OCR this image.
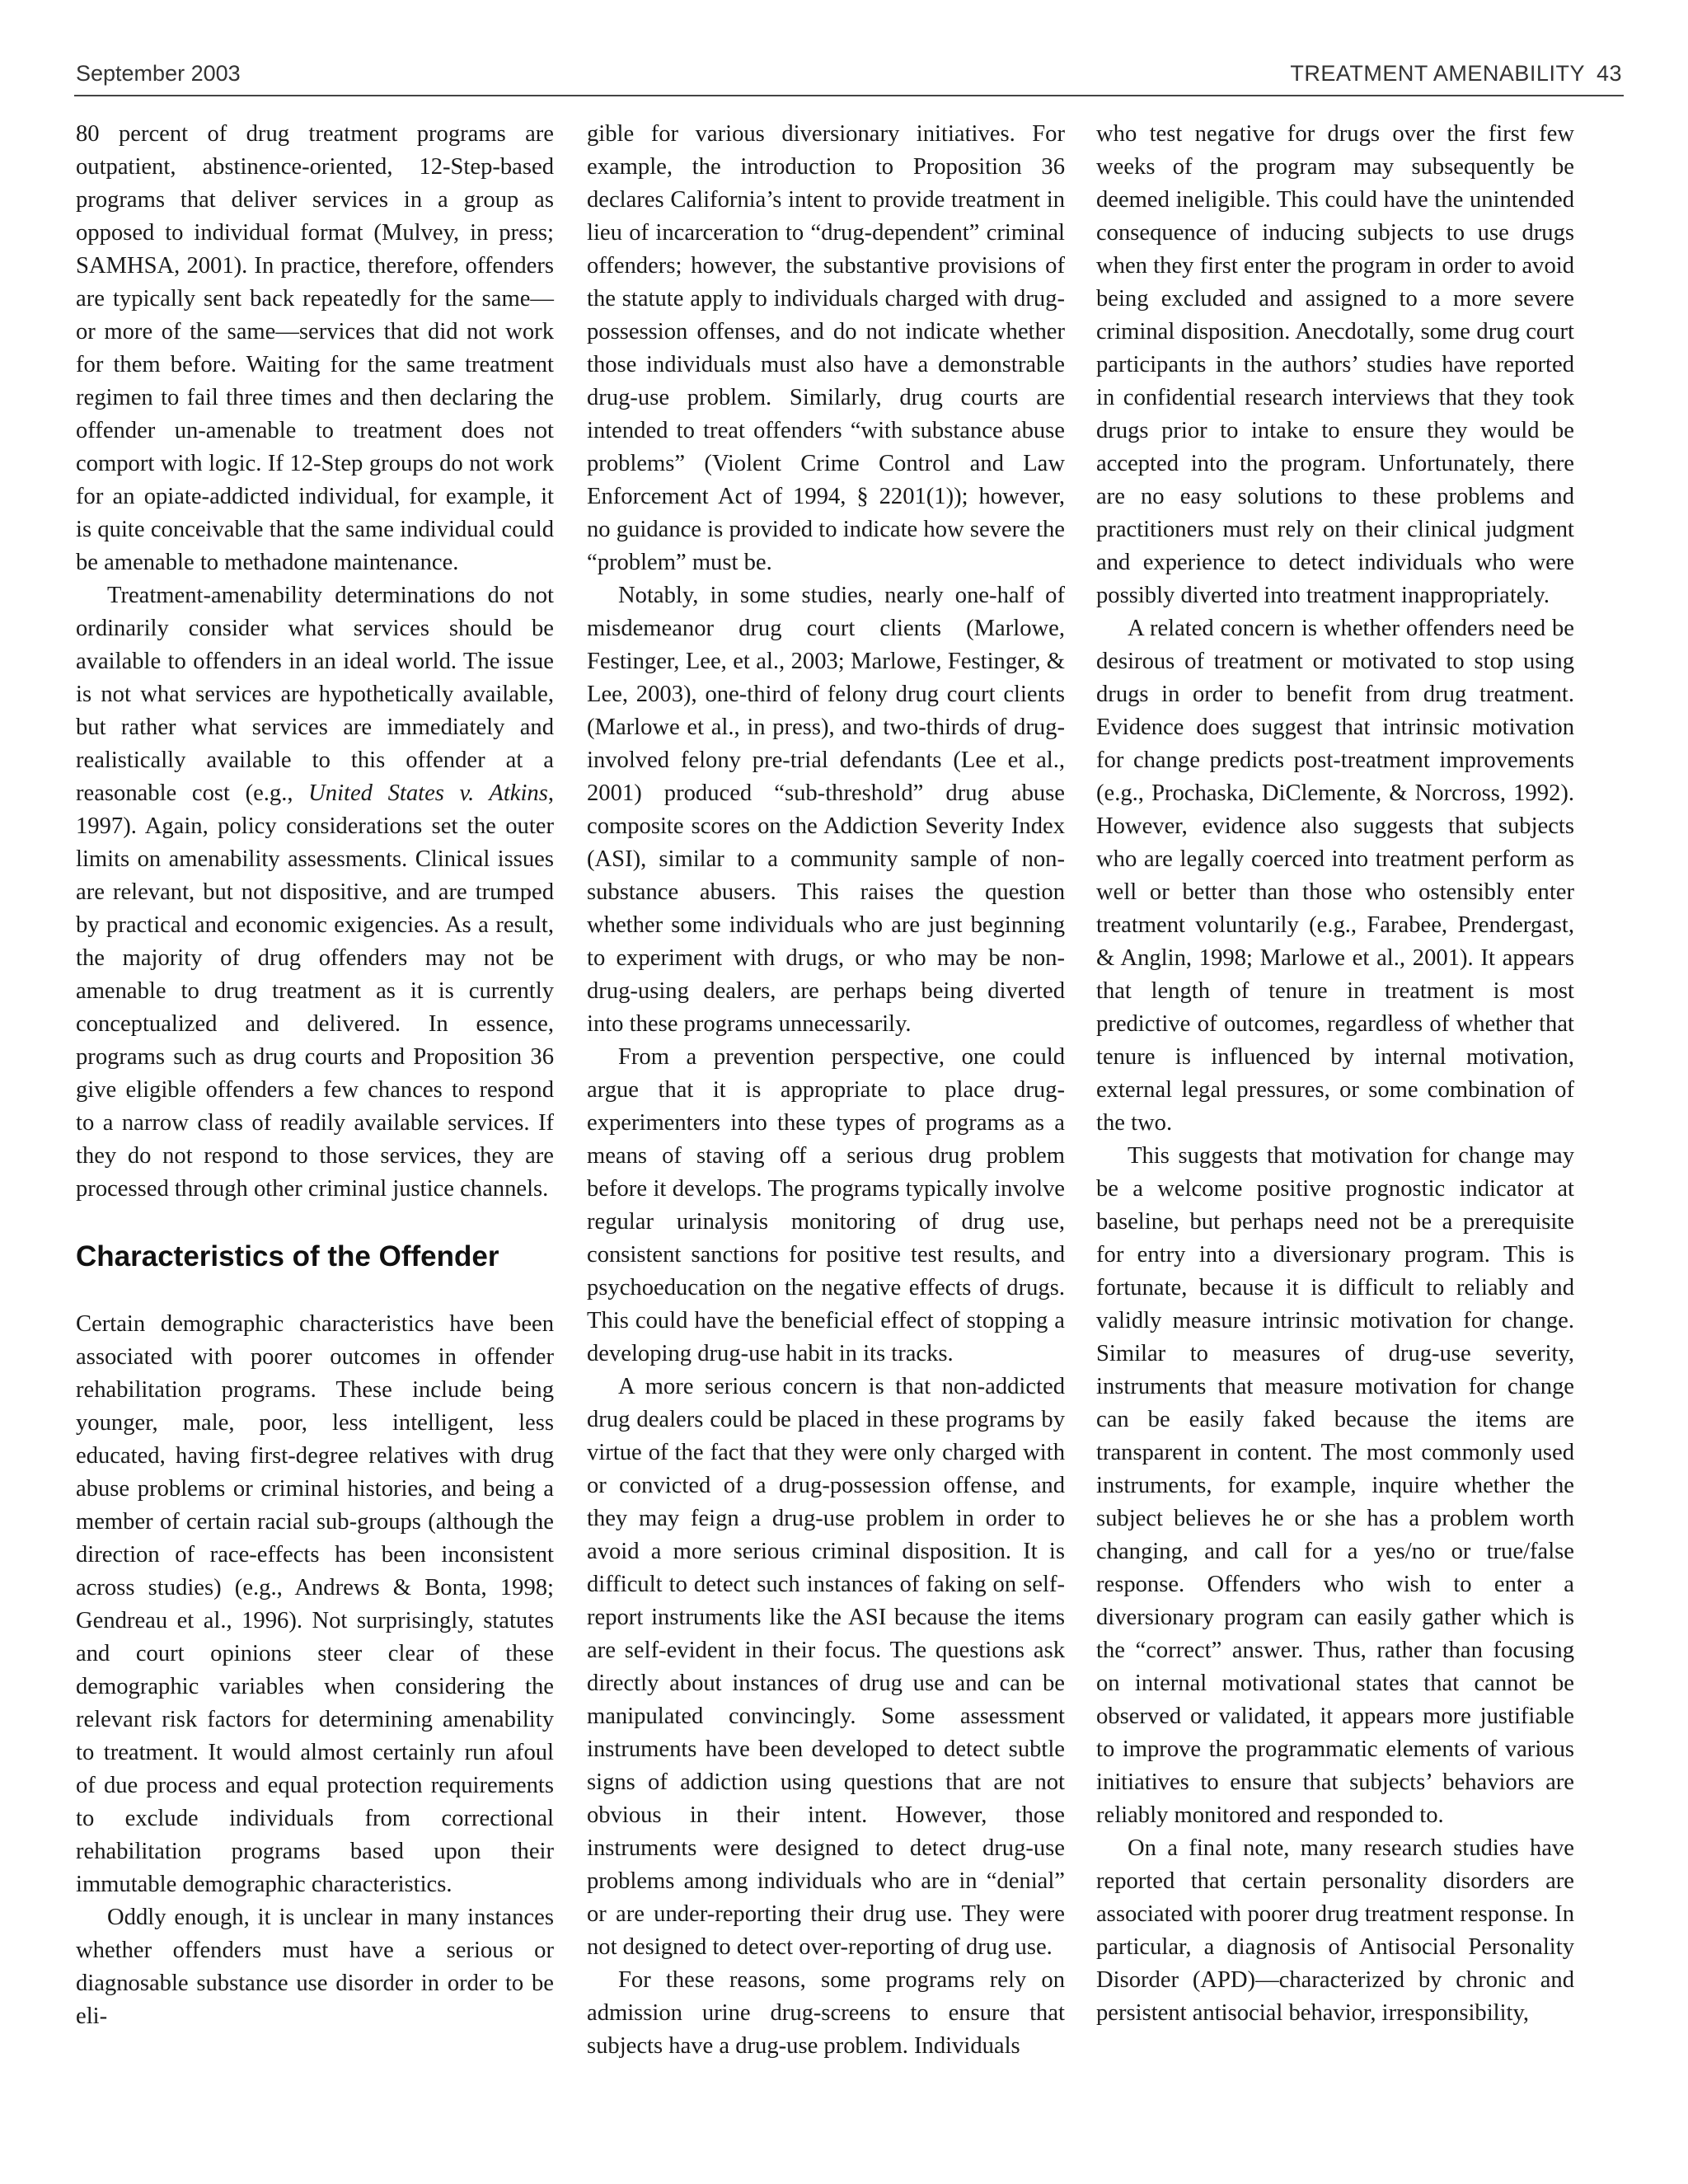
September 2003	TREATMENT AMENABILITY 43

80 percent of drug treatment programs are outpatient, abstinence-oriented, 12-Step-based programs that deliver services in a group as opposed to individual format (Mulvey, in press; SAMHSA, 2001). In practice, therefore, offenders are typically sent back repeatedly for the same—or more of the same—services that did not work for them before. Waiting for the same treatment regimen to fail three times and then declaring the offender un-amenable to treatment does not comport with logic. If 12-Step groups do not work for an opiate-addicted individual, for example, it is quite conceivable that the same individual could be amenable to methadone maintenance.

Treatment-amenability determinations do not ordinarily consider what services should be available to offenders in an ideal world. The issue is not what services are hypothetically available, but rather what services are immediately and realistically available to this offender at a reasonable cost (e.g., United States v. Atkins, 1997). Again, policy considerations set the outer limits on amenability assessments. Clinical issues are relevant, but not dispositive, and are trumped by practical and economic exigencies. As a result, the majority of drug offenders may not be amenable to drug treatment as it is currently conceptualized and delivered. In essence, programs such as drug courts and Proposition 36 give eligible offenders a few chances to respond to a narrow class of readily available services. If they do not respond to those services, they are processed through other criminal justice channels.

Characteristics of the Offender

Certain demographic characteristics have been associated with poorer outcomes in offender rehabilitation programs. These include being younger, male, poor, less intelligent, less educated, having first-degree relatives with drug abuse problems or criminal histories, and being a member of certain racial sub-groups (although the direction of race-effects has been inconsistent across studies) (e.g., Andrews & Bonta, 1998; Gendreau et al., 1996). Not surprisingly, statutes and court opinions steer clear of these demographic variables when considering the relevant risk factors for determining amenability to treatment. It would almost certainly run afoul of due process and equal protection requirements to exclude individuals from correctional rehabilitation programs based upon their immutable demographic characteristics.

Oddly enough, it is unclear in many instances whether offenders must have a serious or diagnosable substance use disorder in order to be eli-

gible for various diversionary initiatives. For example, the introduction to Proposition 36 declares California’s intent to provide treatment in lieu of incarceration to “drug-dependent” criminal offenders; however, the substantive provisions of the statute apply to individuals charged with drug-possession offenses, and do not indicate whether those individuals must also have a demonstrable drug-use problem. Similarly, drug courts are intended to treat offenders “with substance abuse problems” (Violent Crime Control and Law Enforcement Act of 1994, § 2201(1)); however, no guidance is provided to indicate how severe the “problem” must be.

Notably, in some studies, nearly one-half of misdemeanor drug court clients (Marlowe, Festinger, Lee, et al., 2003; Marlowe, Festinger, & Lee, 2003), one-third of felony drug court clients (Marlowe et al., in press), and two-thirds of drug-involved felony pre-trial defendants (Lee et al., 2001) produced “sub-threshold” drug abuse composite scores on the Addiction Severity Index (ASI), similar to a community sample of non-substance abusers. This raises the question whether some individuals who are just beginning to experiment with drugs, or who may be non-drug-using dealers, are perhaps being diverted into these programs unnecessarily.

From a prevention perspective, one could argue that it is appropriate to place drug-experimenters into these types of programs as a means of staving off a serious drug problem before it develops. The programs typically involve regular urinalysis monitoring of drug use, consistent sanctions for positive test results, and psychoeducation on the negative effects of drugs. This could have the beneficial effect of stopping a developing drug-use habit in its tracks.

A more serious concern is that non-addicted drug dealers could be placed in these programs by virtue of the fact that they were only charged with or convicted of a drug-possession offense, and they may feign a drug-use problem in order to avoid a more serious criminal disposition. It is difficult to detect such instances of faking on self-report instruments like the ASI because the items are self-evident in their focus. The questions ask directly about instances of drug use and can be manipulated convincingly. Some assessment instruments have been developed to detect subtle signs of addiction using questions that are not obvious in their intent. However, those instruments were designed to detect drug-use problems among individuals who are in “denial” or are under-reporting their drug use. They were not designed to detect over-reporting of drug use.

For these reasons, some programs rely on admission urine drug-screens to ensure that subjects have a drug-use problem. Individuals

who test negative for drugs over the first few weeks of the program may subsequently be deemed ineligible. This could have the unintended consequence of inducing subjects to use drugs when they first enter the program in order to avoid being excluded and assigned to a more severe criminal disposition. Anecdotally, some drug court participants in the authors’ studies have reported in confidential research interviews that they took drugs prior to intake to ensure they would be accepted into the program. Unfortunately, there are no easy solutions to these problems and practitioners must rely on their clinical judgment and experience to detect individuals who were possibly diverted into treatment inappropriately.

A related concern is whether offenders need be desirous of treatment or motivated to stop using drugs in order to benefit from drug treatment. Evidence does suggest that intrinsic motivation for change predicts post-treatment improvements (e.g., Prochaska, DiClemente, & Norcross, 1992). However, evidence also suggests that subjects who are legally coerced into treatment perform as well or better than those who ostensibly enter treatment voluntarily (e.g., Farabee, Prendergast, & Anglin, 1998; Marlowe et al., 2001). It appears that length of tenure in treatment is most predictive of outcomes, regardless of whether that tenure is influenced by internal motivation, external legal pressures, or some combination of the two.

This suggests that motivation for change may be a welcome positive prognostic indicator at baseline, but perhaps need not be a prerequisite for entry into a diversionary program. This is fortunate, because it is difficult to reliably and validly measure intrinsic motivation for change. Similar to measures of drug-use severity, instruments that measure motivation for change can be easily faked because the items are transparent in content. The most commonly used instruments, for example, inquire whether the subject believes he or she has a problem worth changing, and call for a yes/no or true/false response. Offenders who wish to enter a diversionary program can easily gather which is the “correct” answer. Thus, rather than focusing on internal motivational states that cannot be observed or validated, it appears more justifiable to improve the programmatic elements of various initiatives to ensure that subjects’ behaviors are reliably monitored and responded to.

On a final note, many research studies have reported that certain personality disorders are associated with poorer drug treatment response. In particular, a diagnosis of Antisocial Personality Disorder (APD)—characterized by chronic and persistent antisocial behavior, irresponsibility,
